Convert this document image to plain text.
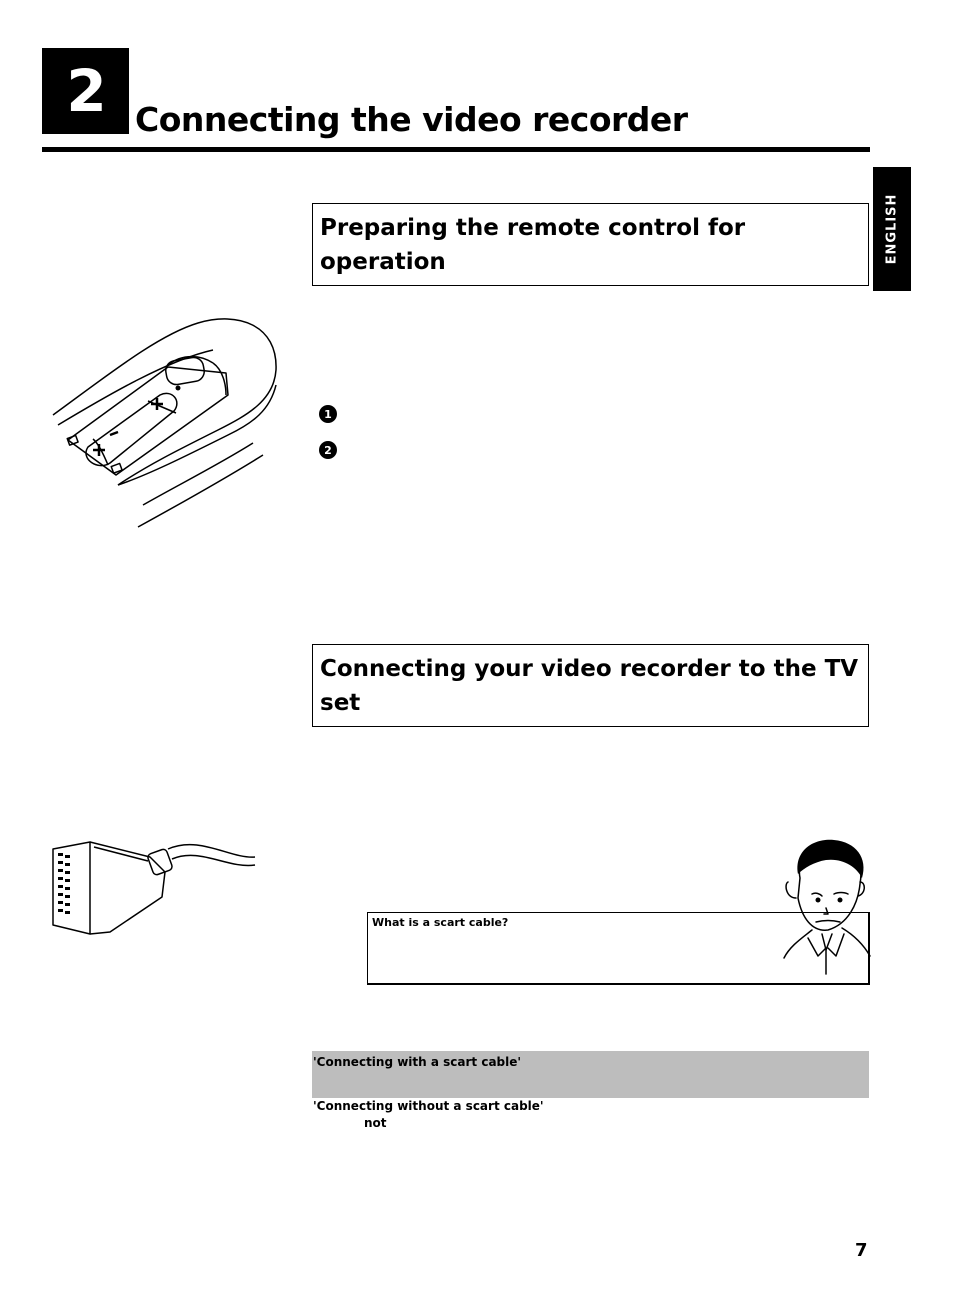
2 Connecting the video recorder
ENGLISH
Preparing the remote control for operation
1
2
Connecting your video recorder to the TV set
What is a scart cable?
'Connecting with a scart cable'
'Connecting without a scart cable'
not
7
